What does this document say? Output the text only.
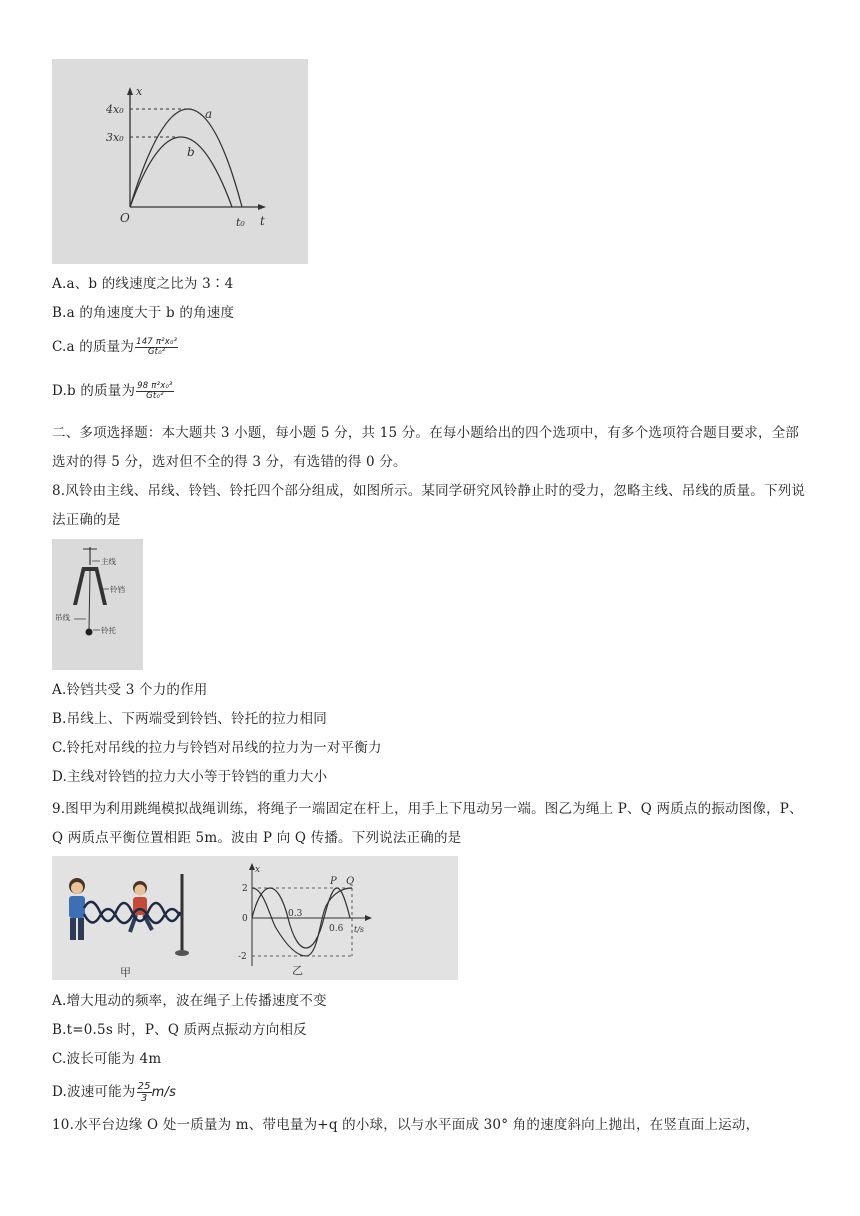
x
4x₀
3x₀
a
b
O	t₀ t
A.a、b 的线速度之比为 3∶4
B.a 的角速度大于 b 的角速度
C.a 的质量为 $\frac{\text{147 π²x₀³}}{\text{Gt₀²}}$
D.b 的质量为 $\frac{\text{98 π²x₀³}}{\text{Gt₀²}}$
二、多项选择题：本大题共 3 小题，每小题 5 分，共 15 分。在每小题给出的四个选项中，有多个选项符合题目要求，全部选对的得 5 分，选对但不全的得 3 分，有选错的得 0 分。
8.风铃由主线、吊线、铃铛、铃托四个部分组成，如图所示。某同学研究风铃静止时的受力，忽略主线、吊线的质量。下列说法正确的是
主线
铃铛
吊线
铃托
A.铃铛共受 3 个力的作用
B.吊线上、下两端受到铃铛、铃托的拉力相同
C.铃托对吊线的拉力与铃铛对吊线的拉力为一对平衡力
D.主线对铃铛的拉力大小等于铃铛的重力大小
9.图甲为利用跳绳模拟战绳训练，将绳子一端固定在杆上，用手上下甩动另一端。图乙为绳上 P、Q 两质点的振动图像，P、Q 两质点平衡位置相距 5m。波由 P 向 Q 传播。下列说法正确的是
甲
x
2
0
-2
0.3
0.6 t/s
P Q
乙
A.增大甩动的频率，波在绳子上传播速度不变
B.t=0.5s 时，P、Q 质两点振动方向相反
C.波长可能为 4m
D.波速可能为 $\frac{25}{3} m/s$
10.水平台边缘 O 处一质量为 m、带电量为+q 的小球，以与水平面成 30° 角的速度斜向上抛出，在竖直面上运动，
